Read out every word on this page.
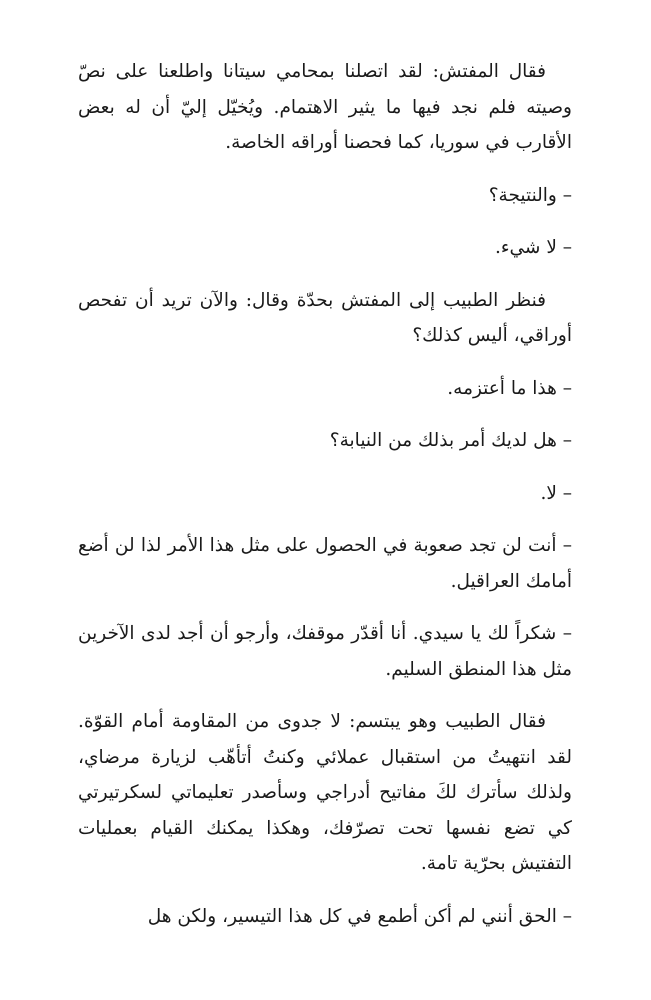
فقال المفتش: لقد اتصلنا بمحامي سيتانا واطلعنا على نصّ وصيته فلم نجد فيها ما يثير الاهتمام. ويُخيّل إليّ أن له بعض الأقارب في سوريا، كما فحصنا أوراقه الخاصة.

– والنتيجة؟

– لا شيء.

فنظر الطبيب إلى المفتش بحدّة وقال: والآن تريد أن تفحص أوراقي، أليس كذلك؟

– هذا ما أعتزمه.

– هل لديك أمر بذلك من النيابة؟

– لا.

– أنت لن تجد صعوبة في الحصول على مثل هذا الأمر لذا لن أضع أمامك العراقيل.

– شكراً لك يا سيدي. أنا أقدّر موقفك، وأرجو أن أجد لدى الآخرين مثل هذا المنطق السليم.

فقال الطبيب وهو يبتسم: لا جدوى من المقاومة أمام القوّة. لقد انتهيتُ من استقبال عملائي وكنتُ أتأهّب لزيارة مرضاي، ولذلك سأترك لكَ مفاتيح أدراجي وسأصدر تعليماتي لسكرتيرتي كي تضع نفسها تحت تصرّفك، وهكذا يمكنك القيام بعمليات التفتيش بحرّية تامة.

– الحق أنني لم أكن أطمع في كل هذا التيسير، ولكن هل
